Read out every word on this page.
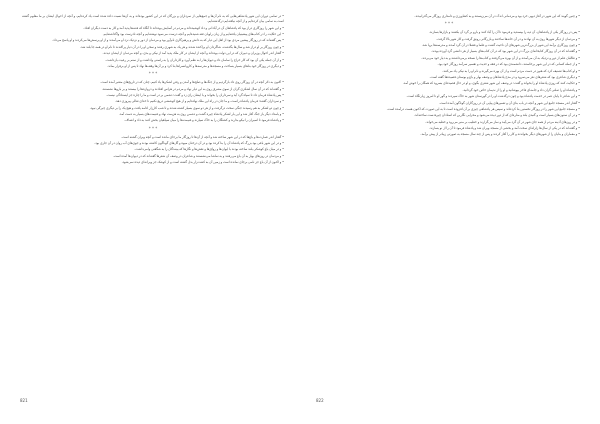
• در تمامی دوران این شهر پادشاهی‌هایی که به نام آن‌ها و جمع‌هایی از سرداران و بزرگان که در این کشور بوده‌اند و به آن‌ها نسبت داده شده است یاد کرده‌ایم، و آنچه از احوال ایشان بر ما معلوم گشته است به تمامی بیان کرده‌ایم و از آنچه نیافته‌ایم درگذشته‌ایم.

• و این شهر را روزگاری دراز بود که پادشاهان آن در آبادانی و داد کوشیده‌اند و مردم در آسایش بوده‌اند تا آنگاه که فتنه‌ها پدید آمد و کار به دست دیگران افتاد.

• این حکایت را در کتاب‌های پیشینیان یافته‌ایم و از زبان راویان ثقه شنیده‌ایم و آنچه درست می‌نمود نوشته‌ایم و آنچه نادرست بود واگذاشته‌ایم.

• پس گفته‌اند که در روزگار پیشین مردی بود از اهل این دیار که به دانش و پرهیزگاری نام‌آور بود و مردمان از دور و نزدیک نزد او می‌آمدند و از او پرسش‌ها می‌کردند و او پاسخ می‌داد.

• و چون روزگار بر او دراز شد و سال‌ها بگذشت، شاگردان او پراکنده شدند و هر یک به شهری رفتند و سخن او را در آن دیار پراکندند تا نام او در همه جا بلند شد.

• گفتار اندر احوال وزیران و دبیران که در این دولت بوده‌اند و آنچه از ایشان در کار ملک پدید آمد از نیکی و بدی، و آنچه مردمان از ایشان دیدند.

• و از آن جمله یکی آن بود که کار خراج را سامان داد و دیوان‌ها را به نظم آورد و کارداران را به راستی واداشت و از ستم بر رعیت بازداشت.

• و دیگری در روزگار خود بناهای بسیار بساخت و مسجدها و مدرسه‌ها و کاروانسراها بنا کرد و بر آن‌ها وقف‌ها نهاد تا پس از او برقرار بماند.

* * *

• اکنون به ذکر آنچه در آن روزگار روی داد بازگردیم و از جنگ‌ها و صلح‌ها و آمدن و رفتن لشکرها یاد کنیم، چنان که در تاریخ‌های معتبر آمده است.

• و گفته‌اند که در آن سال لشکری گران از سوی مشرق روی به این دیار نهاد و مردم در هراس افتادند و دروازه‌ها را ببستند و بر باروها نشستند.

• پس پادشاه فرمان داد تا سپاه گرد آید و سرداران را بخواند و با ایشان رای زد و گفت: دشمن بر در است و ما را چاره جز ایستادگی نیست.

• و سرداران گفتند: فرمان پادشاه راست، و ما جان در راه این ملک نهاده‌ایم و از هیچ کوششی دریغ نکنیم تا خدای تعالی پیروزی دهد.

• و چون دو لشکر به هم رسیدند جنگی سخت درگرفت و از هر دو سوی بسیار کشته شدند و تا شب کارزار ادامه یافت و هیچ یک را بر دیگری چیرگی نبود.

• و بامداد دیگر باز جنگ آغاز شد و این بار لشکر پادشاه چیره گشت و دشمن روی به هزیمت نهاد و غنیمت‌های بسیار به دست آمد.

• و پادشاه فرمود تا اسیران را نیکو بدارند و کشتگان را به خاک سپارند و غنیمت‌ها را میان سپاهیان بخش کنند به داد و انصاف.

* * *

• گفتار اندر عمارت‌ها و باغ‌ها که در این شهر ساخته شد و آنچه از آن‌ها تا روزگار ما برجای مانده است و آنچه ویران گشته است.

• و در این شهر باغی بود بزرگ که پادشاه آن را بنا کرده بود و در آن درختان میوه و گل‌های گوناگون کاشته بودند و جوی‌های آب روان در آن جاری بود.

• و در میان باغ کوشکی بلند ساخته بودند با ایوان‌ها و رواق‌ها و نقش‌ها و نگارها که بینندگان را به شگفتی وامی‌داشت.

• و مردمان در روزهای بهار به آن باغ می‌رفتند و به تماشا می‌نشستند و شاعران در وصف آن شعرها گفته‌اند که در دیوان‌ها آمده است.

• و اکنون از آن باغ جز نامی برجای نمانده است و زمین آن به کشت‌زار بدل گشته است و از کوشک جز ویرانه‌ای دیده نمی‌شود.

• و چنین گویند که این شهر در آغاز دیهی خرد بود و مردمانی اندک در آن می‌زیستند و به کشاورزی و دامداری روزگار می‌گذرانیدند.

* * *

• پس در روزگار یکی از پادشاهان، آن دیه را بپسندید و فرمود تا آن را آباد کنند و بارو بر گرد آن بکشند و بازارها بسازند.

• و مردمان از دیگر شهرها روی به آن نهادند و در آن خانه‌ها ساختند و بازرگانی رونق گرفت و کار شهر بالا گرفت.

• و چون روزگاری برآمد این شهر از بزرگ‌ترین شهرهای آن ناحیت گشت و علما و فضلا در آن گرد آمدند و مدرسه‌ها برپا شد.

• و گفته‌اند که در آن روزگار کتابخانه‌ای بزرگ در این شهر بود که در آن کتاب‌های بسیار از هر دانشی گرد آورده بودند.

• و طالبان علم از دور و نزدیک به آن می‌آمدند و از آن بهره می‌گرفتند و کتاب‌ها را نسخه برمی‌داشتند و به دیار خود می‌بردند.

• و از جمله کسانی که در این شهر برخاستند، دانشمندی بود که در فقه و حدیث و تفسیر سرآمد روزگار خود بود.

• و او کتاب‌ها تصنیف کرد که هنوز در دست مردم است و از آن بهره می‌گیرند و نام او را به نیکی یاد می‌کنند.

• و دیگری شاعری بود که شعرهای نغز می‌سرود و در مدح پادشاهان و وصف بهار و باغ و بوستان قصیده‌ها گفته است.

• و حکایت کنند که روزی پادشاه او را بخواند و گفت: در وصف این شهر شعری بگوی، و او در حال قصیده‌ای بسرود که همگان را خوش آمد.

• و پادشاه او را صلتی گران داد و جامه‌ای فاخر بپوشانید و او را از ندیمان خاص خود گردانید.

• و این شاعر تا پایان عمر در خدمت پادشاه بود و چون درگذشت او را در گورستان شهر به خاک سپردند و گور او تا امروز زیارتگاه است.

• گفتار اندر مسجد جامع این شهر و آنچه در باب بنای آن و تعمیرهای پیاپی آن در روزگاران گوناگون آمده است.

• و مسجد جامع این شهر را در روزگار نخستین بنا کرده‌اند و سپس هر پادشاهی چیزی بر آن افزوده است تا به این صورت که اکنون هست درآمده است.

• و در آن ستون‌های بسیار است و گنبدی بلند و مناره‌ای که از دور دیده می‌شود و محرابی نگارین که استادان چیره‌دست ساخته‌اند.

• و در روزهای آدینه مردم از همه جای شهر در آن گرد می‌آیند و نماز می‌گزارند و خطیب بر منبر می‌رود و خطبه می‌خواند.

• و گفته‌اند که در یکی از سال‌ها زلزله‌ای سخت آمد و بخشی از مسجد ویران شد و پادشاه فرمود تا آن را از نو بسازند.

• و معماران و بنایان را از شهرهای دیگر بخواندند و کار را آغاز کردند و پس از چند سال مسجد به صورتی زیباتر از پیش برآمد.

821	822
